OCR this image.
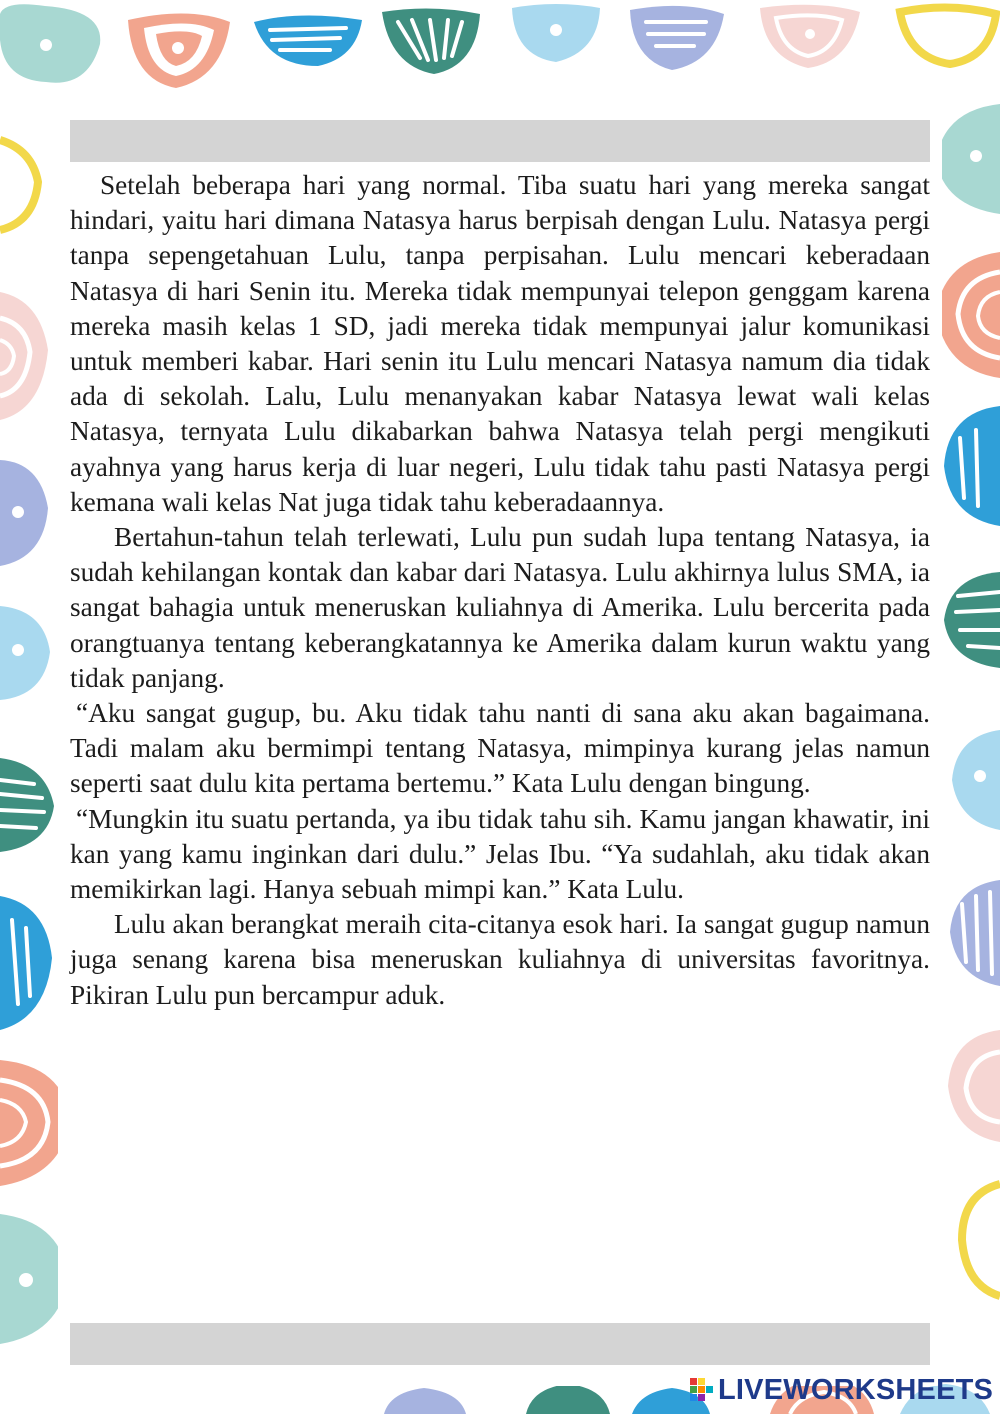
Setelah beberapa hari yang normal. Tiba suatu hari yang mereka sangat hindari, yaitu hari dimana Natasya harus berpisah dengan Lulu. Natasya pergi tanpa sepengetahuan Lulu, tanpa perpisahan. Lulu mencari keberadaan Natasya di hari Senin itu. Mereka tidak mempunyai telepon genggam karena mereka masih kelas 1 SD, jadi mereka tidak mempunyai jalur komunikasi untuk memberi kabar. Hari senin itu Lulu mencari Natasya namum dia tidak ada di sekolah. Lalu, Lulu menanyakan kabar Natasya lewat wali kelas Natasya, ternyata Lulu dikabarkan bahwa Natasya telah pergi mengikuti ayahnya yang harus kerja di luar negeri, Lulu tidak tahu pasti Natasya pergi kemana wali kelas Nat juga tidak tahu keberadaannya.

Bertahun-tahun telah terlewati, Lulu pun sudah lupa tentang Natasya, ia sudah kehilangan kontak dan kabar dari Natasya. Lulu akhirnya lulus SMA, ia sangat bahagia untuk meneruskan kuliahnya di Amerika. Lulu bercerita pada orangtuanya tentang keberangkatannya ke Amerika dalam kurun waktu yang tidak panjang.

“Aku sangat gugup, bu. Aku tidak tahu nanti di sana aku akan bagaimana. Tadi malam aku bermimpi tentang Natasya, mimpinya kurang jelas namun seperti saat dulu kita pertama bertemu.” Kata Lulu dengan bingung.

“Mungkin itu suatu pertanda, ya ibu tidak tahu sih. Kamu jangan khawatir, ini kan yang kamu inginkan dari dulu.” Jelas Ibu. “Ya sudahlah, aku tidak akan memikirkan lagi. Hanya sebuah mimpi kan.” Kata Lulu.

Lulu akan berangkat meraih cita-citanya esok hari. Ia sangat gugup namun juga senang karena bisa meneruskan kuliahnya di universitas favoritnya. Pikiran Lulu pun bercampur aduk.

LIVEWORKSHEETS
